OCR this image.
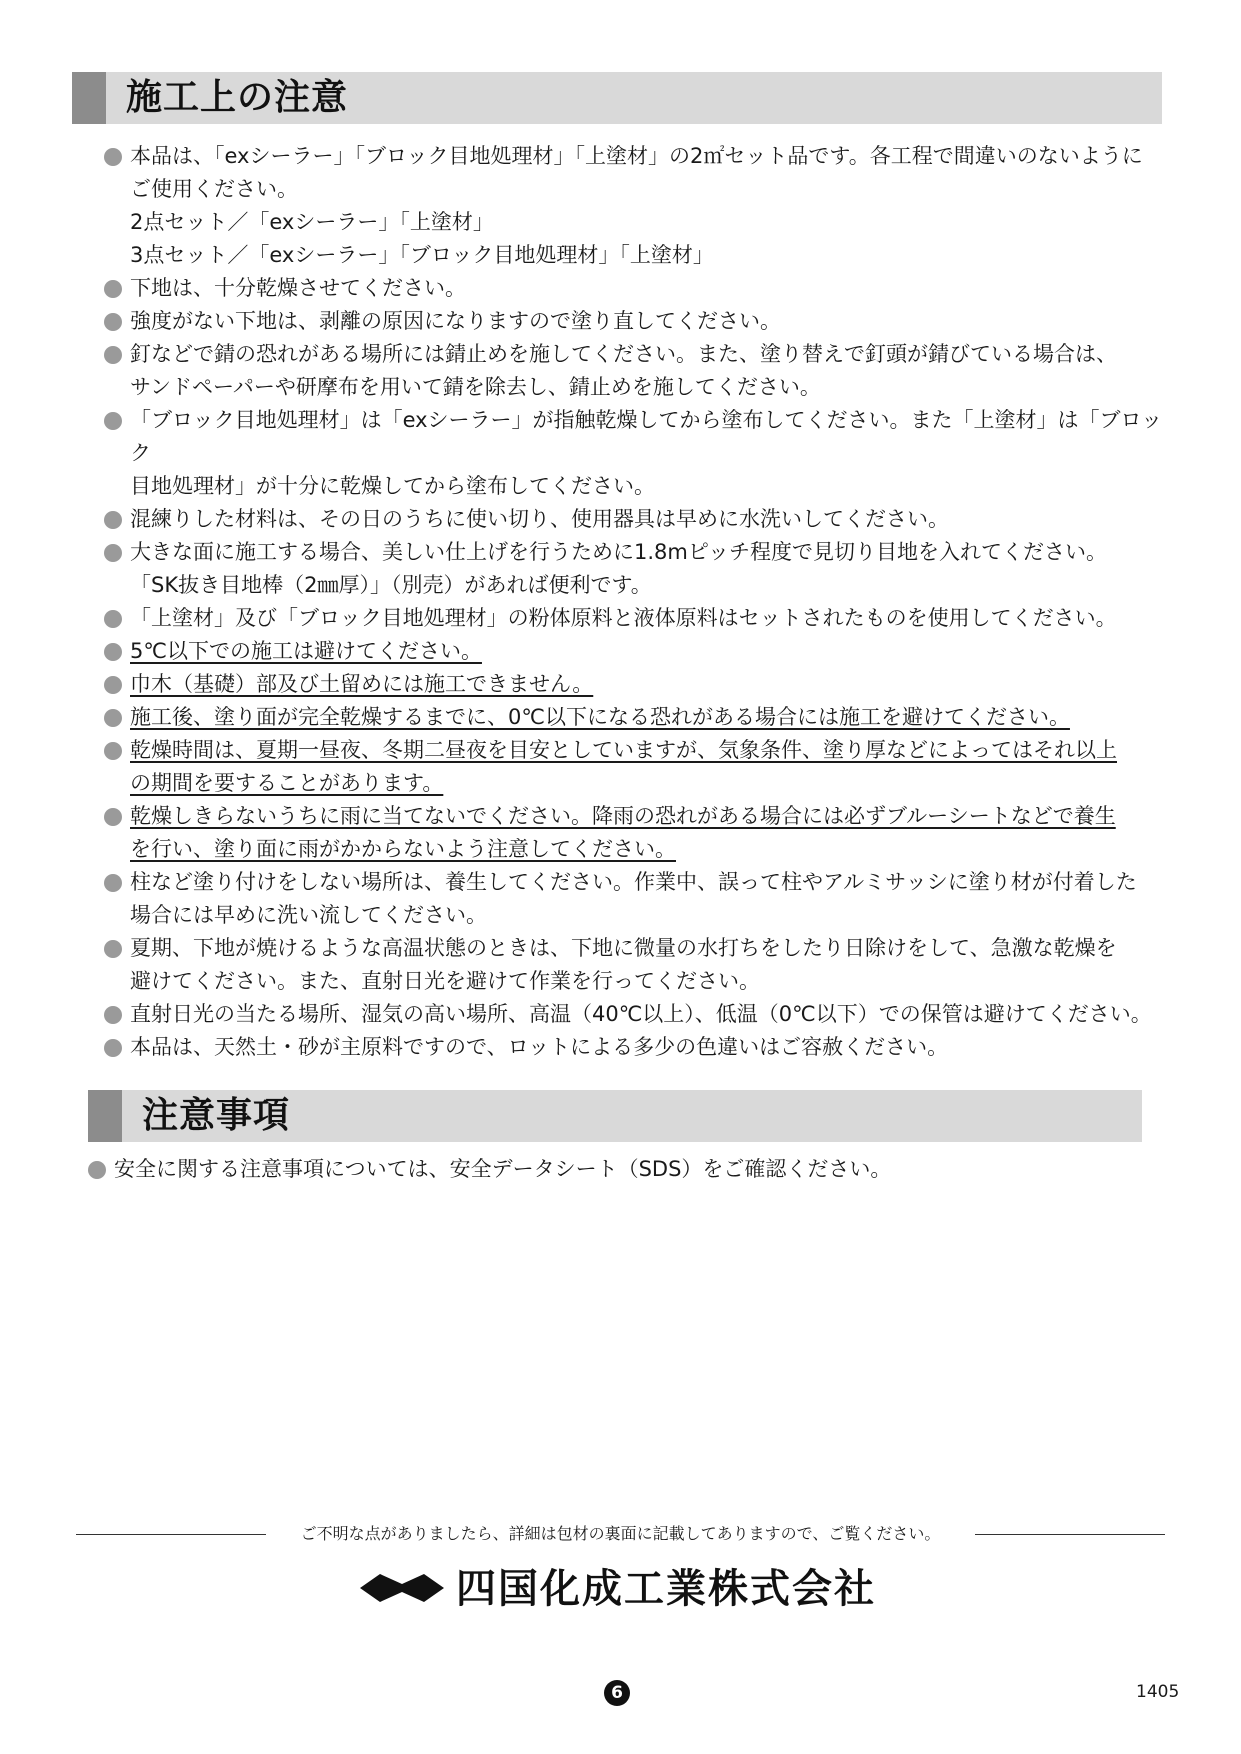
施工上の注意
本品は、「exシーラー」「ブロック目地処理材」「上塗材」の2㎡セット品です。各工程で間違いのないように
ご使用ください。
2点セット／「exシーラー」「上塗材」
3点セット／「exシーラー」「ブロック目地処理材」「上塗材」
下地は、十分乾燥させてください。
強度がない下地は、剥離の原因になりますので塗り直してください。
釘などで錆の恐れがある場所には錆止めを施してください。また、塗り替えで釘頭が錆びている場合は、
サンドペーパーや研摩布を用いて錆を除去し、錆止めを施してください。
「ブロック目地処理材」は「exシーラー」が指触乾燥してから塗布してください。また「上塗材」は「ブロック
目地処理材」が十分に乾燥してから塗布してください。
混練りした材料は、その日のうちに使い切り、使用器具は早めに水洗いしてください。
大きな面に施工する場合、美しい仕上げを行うために1.8mピッチ程度で見切り目地を入れてください。
「SK抜き目地棒（2㎜厚）」（別売）があれば便利です。
「上塗材」及び「ブロック目地処理材」の粉体原料と液体原料はセットされたものを使用してください。
5℃以下での施工は避けてください。
巾木（基礎）部及び土留めには施工できません。
施工後、塗り面が完全乾燥するまでに、0℃以下になる恐れがある場合には施工を避けてください。
乾燥時間は、夏期一昼夜、冬期二昼夜を目安としていますが、気象条件、塗り厚などによってはそれ以上
の期間を要することがあります。
乾燥しきらないうちに雨に当てないでください。降雨の恐れがある場合には必ずブルーシートなどで養生
を行い、塗り面に雨がかからないよう注意してください。
柱など塗り付けをしない場所は、養生してください。作業中、誤って柱やアルミサッシに塗り材が付着した
場合には早めに洗い流してください。
夏期、下地が焼けるような高温状態のときは、下地に微量の水打ちをしたり日除けをして、急激な乾燥を
避けてください。また、直射日光を避けて作業を行ってください。
直射日光の当たる場所、湿気の高い場所、高温（40℃以上）、低温（0℃以下）での保管は避けてください。
本品は、天然土・砂が主原料ですので、ロットによる多少の色違いはご容赦ください。
注意事項
安全に関する注意事項については、安全データシート（SDS）をご確認ください。
ご不明な点がありましたら、詳細は包材の裏面に記載してありますので、ご覧ください。
四国化成工業株式会社
6	1405
